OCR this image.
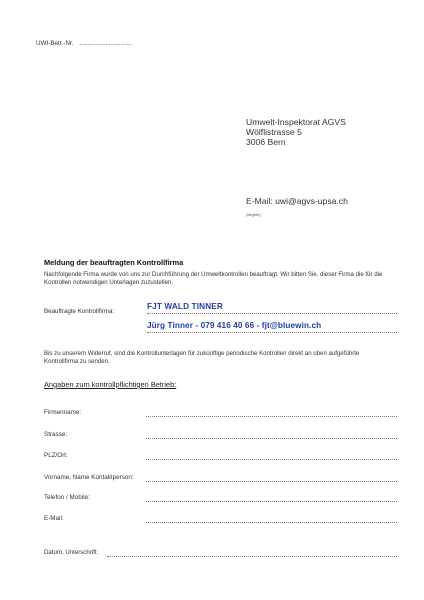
UWI-Betr.-Nr. ................................
Umwelt-Inspektorat AGVS
Wölflistrasse 5
3006 Bern
E-Mail: uwi@agvs-upsa.ch
[illegible]
Meldung der beauftragten Kontrollfirma
Nachfolgende Firma wurde von uns zur Durchführung der Umweltkontrollen beauftragt. Wir bitten Sie, dieser Firma die für die Kontrollen notwendigen Unterlagen zuzustellen.
Beauftragte Kontrollfirma:
FJT WALD TINNER
Jürg Tinner - 079 416 40 66 - fjt@bluewin.ch
Bis zu unserem Widerruf, sind die Kontrollunterlagen für zukünftige periodische Kontrollen direkt an oben aufgeführte Kontrollfirma zu senden.
Angaben zum kontrollpflichtigen Betrieb:
Firmenname:
Strasse:
PLZ/Ort:
Vorname, Name Kontaktperson:
Telefon / Mobile:
E-Mail:
Datum, Unterschrift:
